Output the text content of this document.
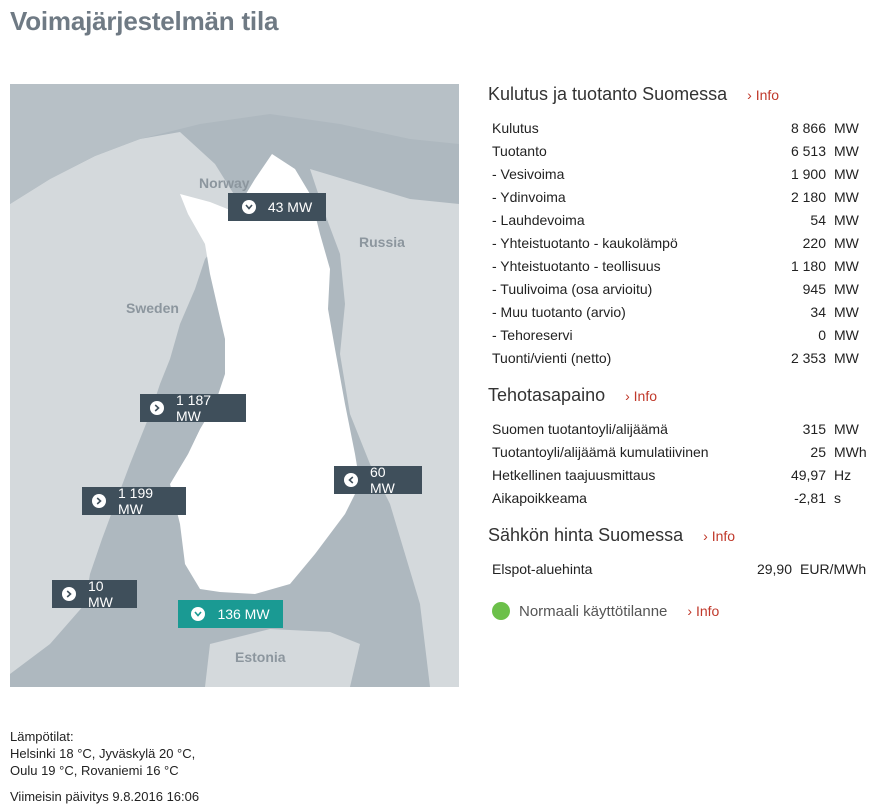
Voimajärjestelmän tila
Norway
Russia
Sweden
Estonia
43 MW
1 187 MW
1 199 MW
10 MW
136 MW
60 MW
Kulutus ja tuotanto Suomessa › Info
Kulutus	8 866	MW
Tuotanto	6 513	MW
- Vesivoima	1 900	MW
- Ydinvoima	2 180	MW
- Lauhdevoima	54	MW
- Yhteistuotanto - kaukolämpö	220	MW
- Yhteistuotanto - teollisuus	1 180	MW
- Tuulivoima (osa arvioitu)	945	MW
- Muu tuotanto (arvio)	34	MW
- Tehoreservi	0	MW
Tuonti/vienti (netto)	2 353	MW
Tehotasapaino › Info
Suomen tuotantoyli/alijäämä	315	MW
Tuotantoyli/alijäämä kumulatiivinen	25	MWh
Hetkellinen taajuusmittaus	49,97	Hz
Aikapoikkeama	-2,81	s
Sähkön hinta Suomessa › Info
Elspot-aluehinta	29,90	EUR/MWh
Normaali käyttötilanne › Info
Lämpötilat:
Helsinki 18 °C, Jyväskylä 20 °C,
Oulu 19 °C, Rovaniemi 16 °C
Viimeisin päivitys 9.8.2016 16:06
